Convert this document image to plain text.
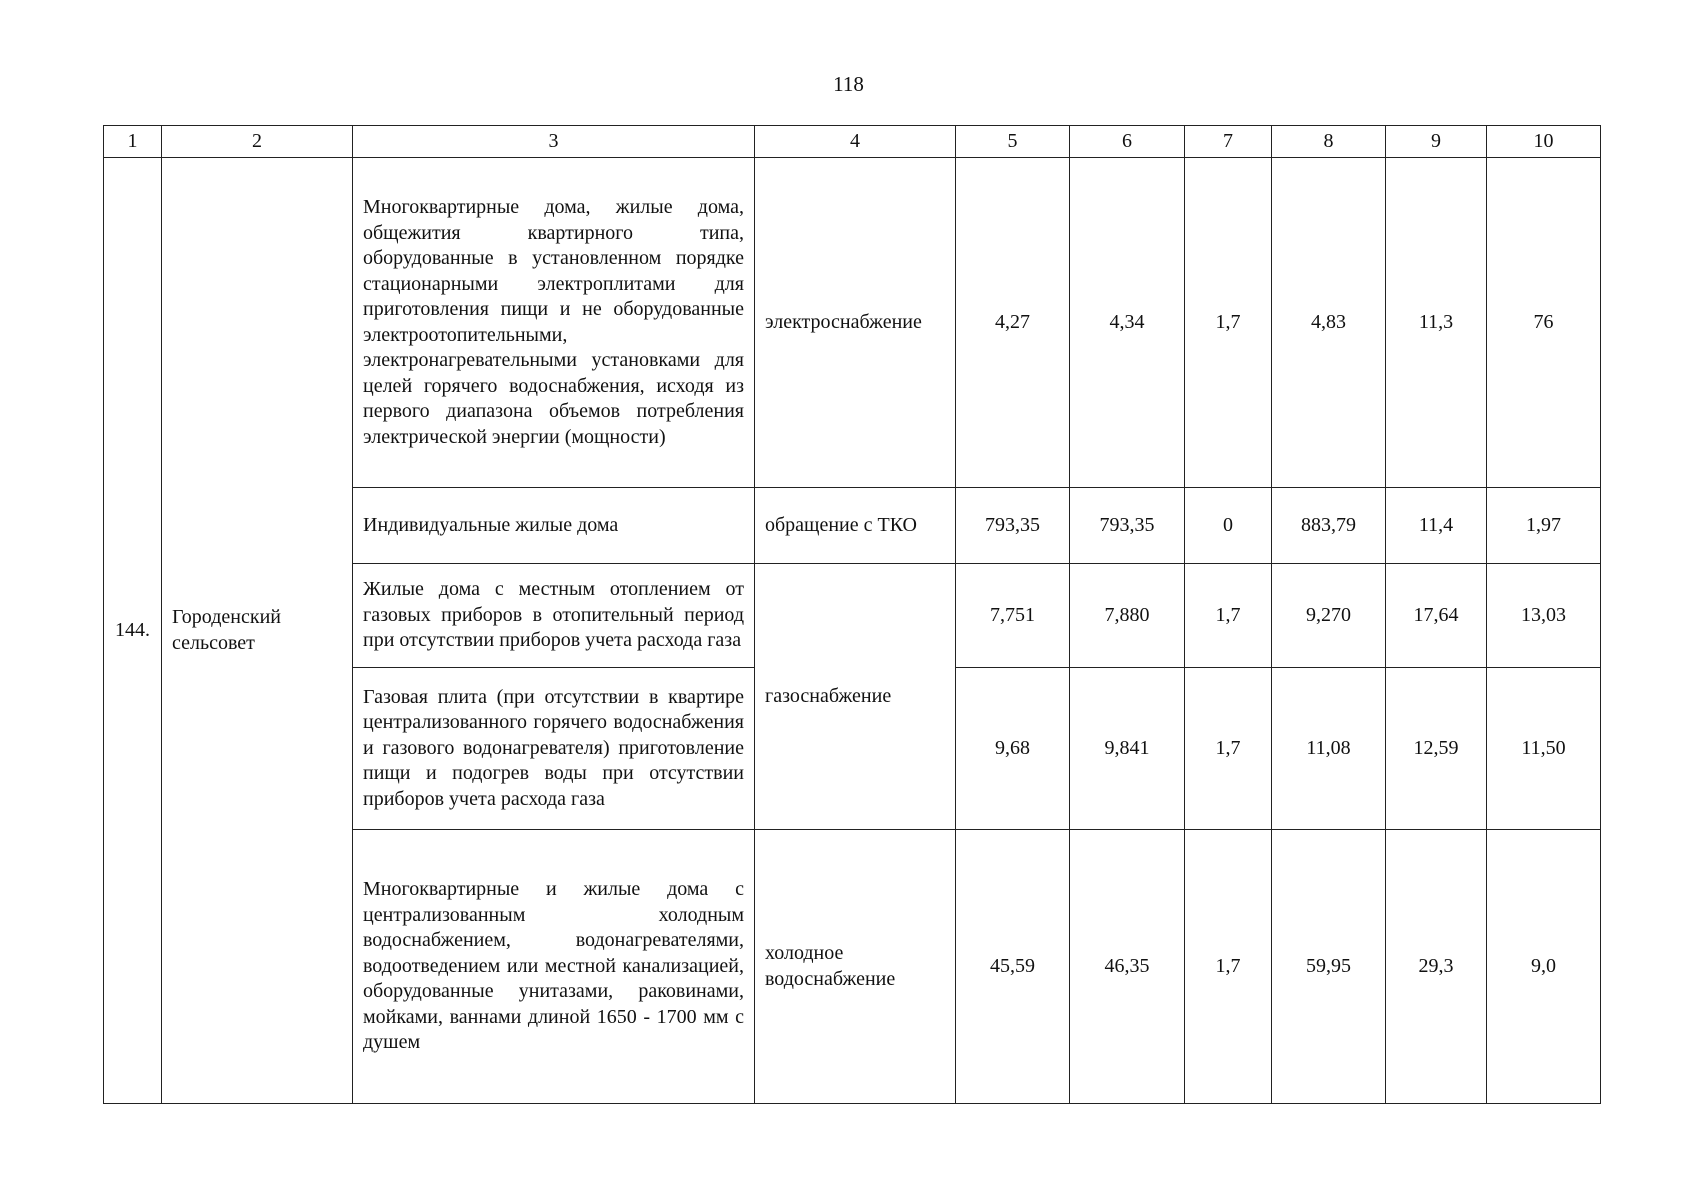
118
1	2	3	4	5	6	7	8	9	10
144.	Городенский сельсовет	Многоквартирные дома, жилые дома, общежития квартирного типа, оборудованные в установленном порядке стационарными электроплитами для приготовления пищи и не оборудованные электроотопительными, электронагревательными установками для целей горячего водоснабжения, исходя из первого диапазона объемов потребления электрической энергии (мощности)	электроснабжение	4,27	4,34	1,7	4,83	11,3	76
		Индивидуальные жилые дома	обращение с ТКО	793,35	793,35	0	883,79	11,4	1,97
		Жилые дома с местным отоплением от газовых приборов в отопительный период при отсутствии приборов учета расхода газа	газоснабжение	7,751	7,880	1,7	9,270	17,64	13,03
		Газовая плита (при отсутствии в квартире централизованного горячего водоснабжения и газового водонагревателя) приготовление пищи и подогрев воды при отсутствии приборов учета расхода газа		9,68	9,841	1,7	11,08	12,59	11,50
		Многоквартирные и жилые дома с централизованным холодным водоснабжением, водонагревателями, водоотведением или местной канализацией, оборудованные унитазами, раковинами, мойками, ваннами длиной 1650 - 1700 мм с душем	холодное водоснабжение	45,59	46,35	1,7	59,95	29,3	9,0
